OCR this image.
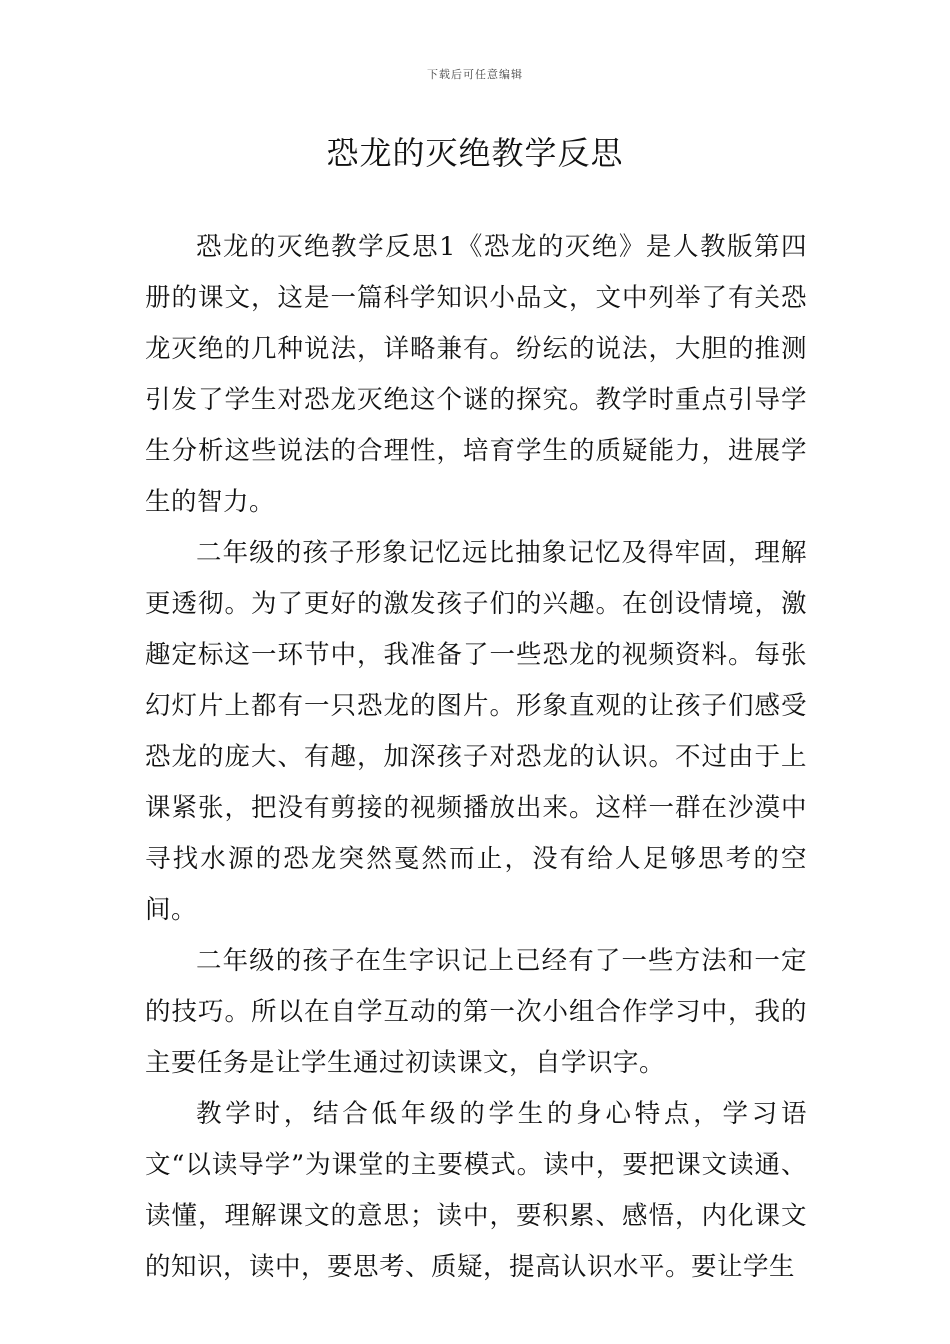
下载后可任意编辑
恐龙的灭绝教学反思

恐龙的灭绝教学反思1《恐龙的灭绝》是人教版第四册的课文，这是一篇科学知识小品文，文中列举了有关恐龙灭绝的几种说法，详略兼有。纷纭的说法，大胆的推测引发了学生对恐龙灭绝这个谜的探究。教学时重点引导学生分析这些说法的合理性，培育学生的质疑能力，进展学生的智力。

二年级的孩子形象记忆远比抽象记忆及得牢固，理解更透彻。为了更好的激发孩子们的兴趣。在创设情境，激趣定标这一环节中，我准备了一些恐龙的视频资料。每张幻灯片上都有一只恐龙的图片。形象直观的让孩子们感受恐龙的庞大、有趣，加深孩子对恐龙的认识。不过由于上课紧张，把没有剪接的视频播放出来。这样一群在沙漠中寻找水源的恐龙突然戛然而止，没有给人足够思考的空间。

二年级的孩子在生字识记上已经有了一些方法和一定的技巧。所以在自学互动的第一次小组合作学习中，我的主要任务是让学生通过初读课文，自学识字。

教学时，结合低年级的学生的身心特点，学习语文“以读导学”为课堂的主要模式。读中，要把课文读通、读懂，理解课文的意思；读中，要积累、感悟，内化课文的知识，读中，要思考、质疑，提高认识水平。要让学生
